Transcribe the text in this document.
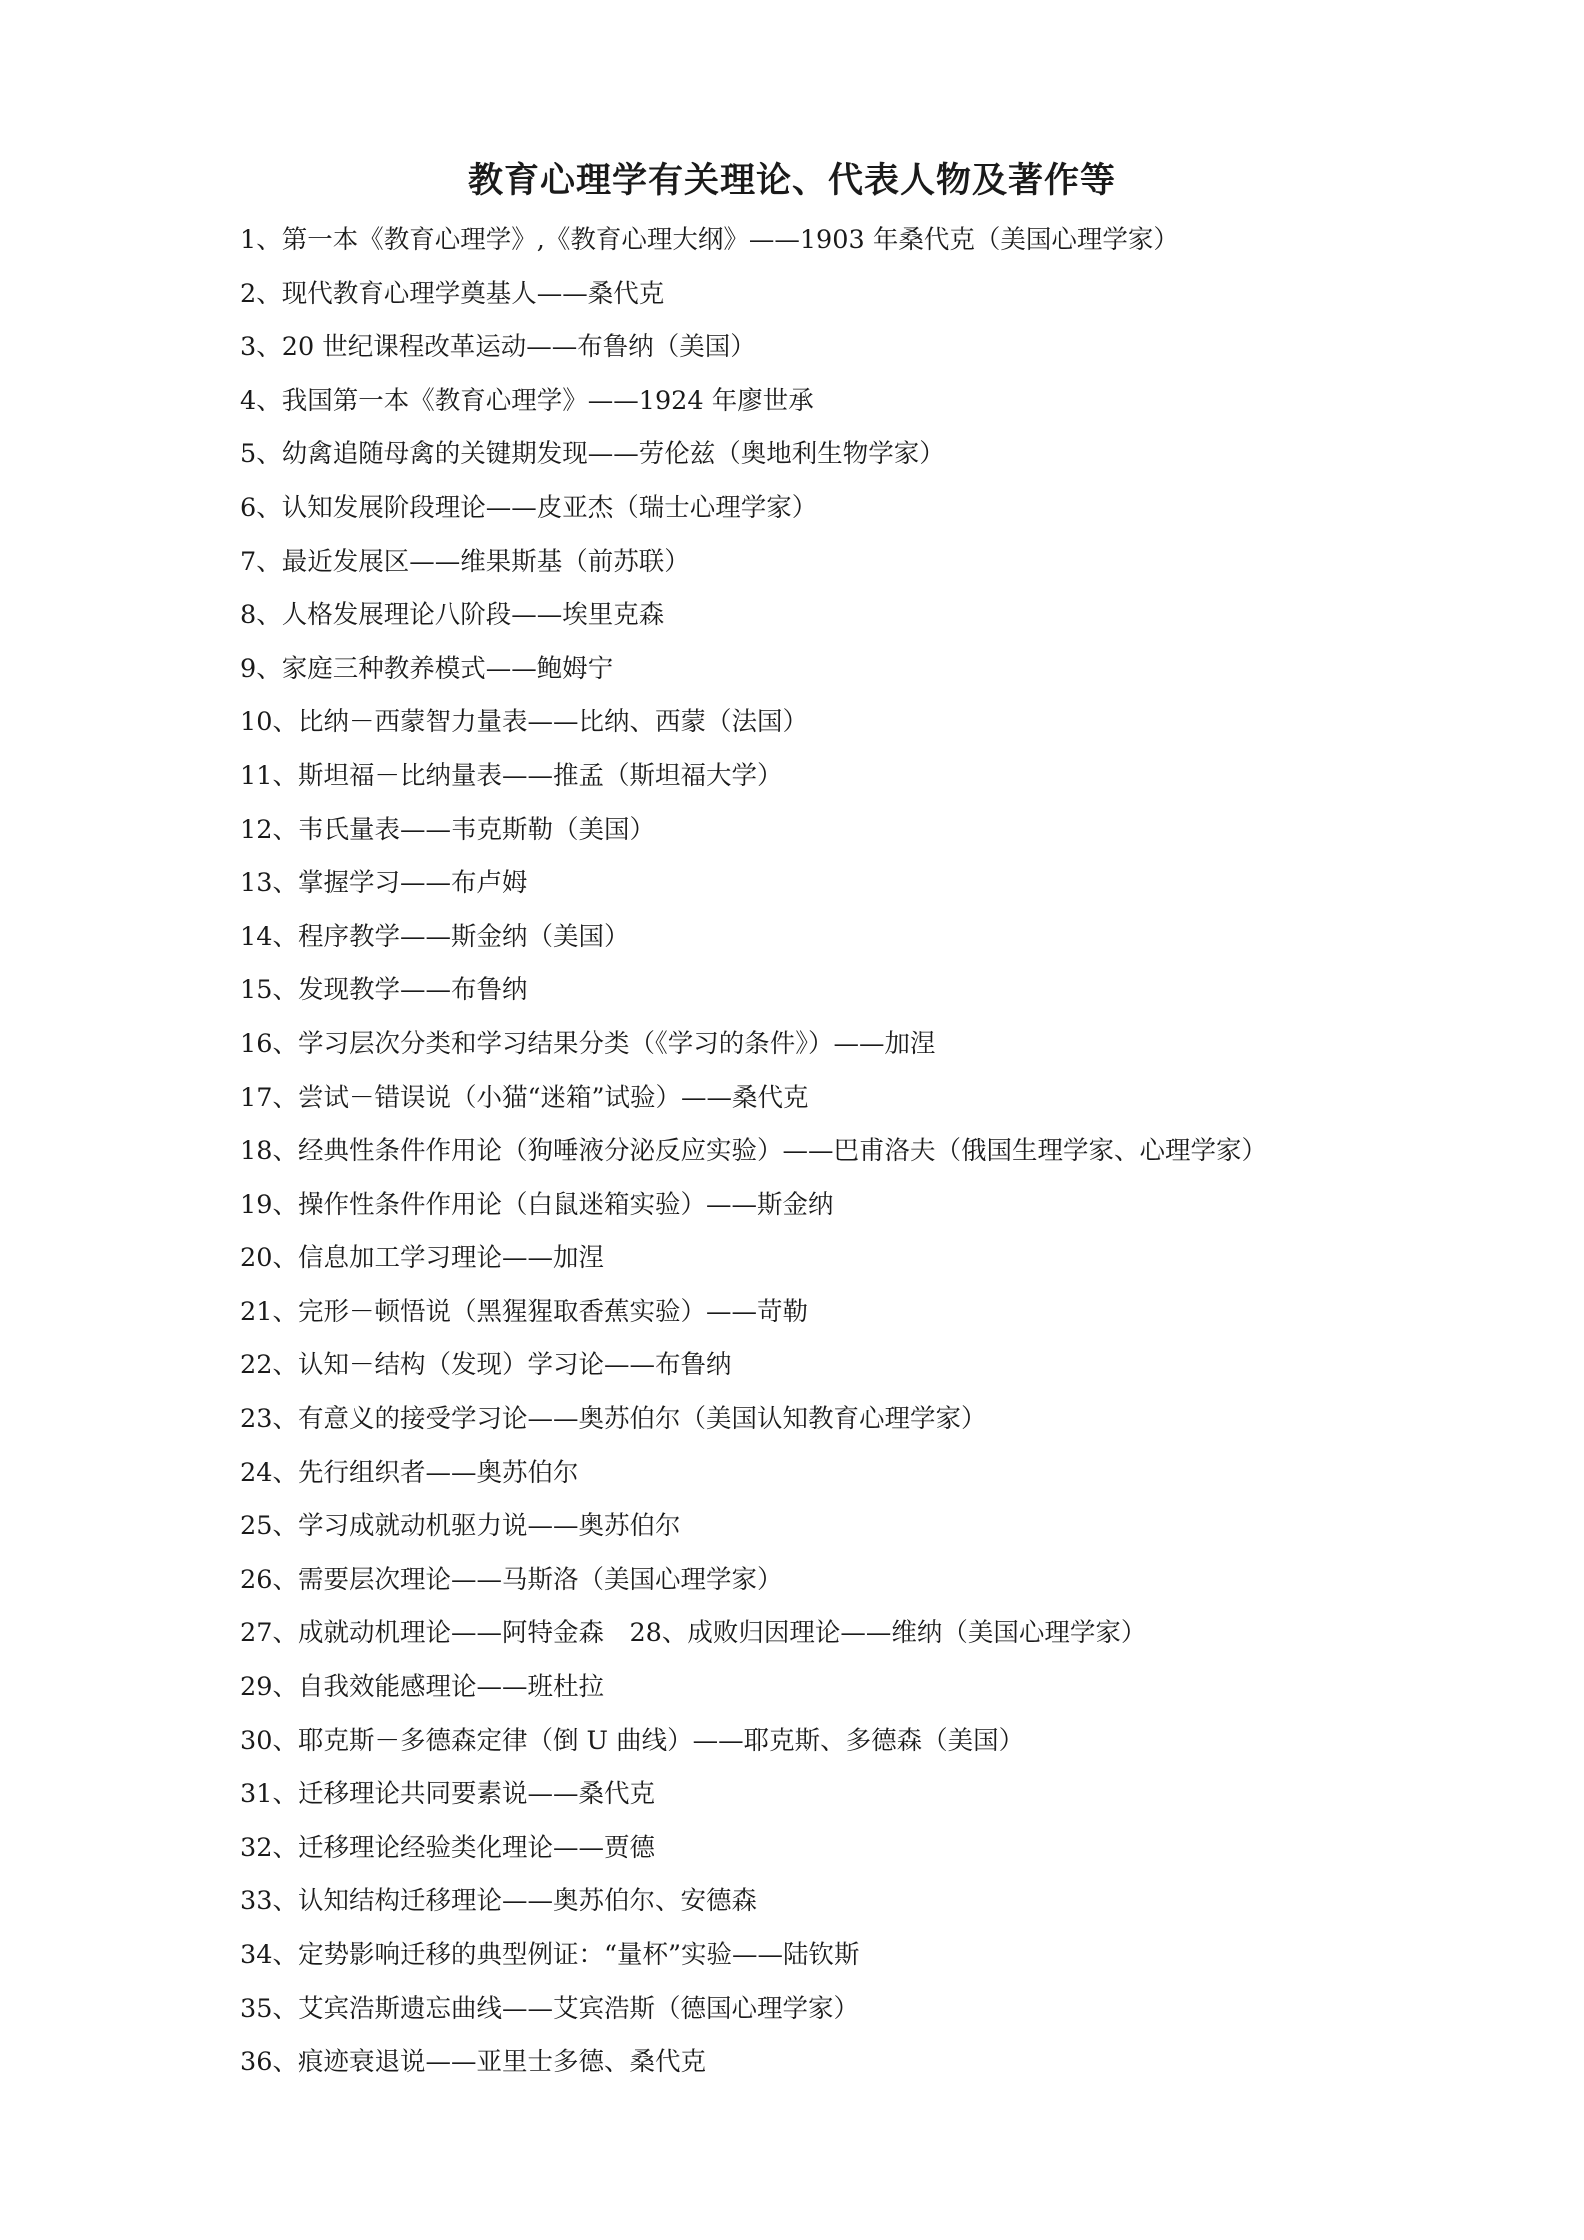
教育心理学有关理论、代表人物及著作等
1、第一本《教育心理学》,《教育心理大纲》——1903 年桑代克（美国心理学家）
2、现代教育心理学奠基人——桑代克
3、20 世纪课程改革运动——布鲁纳（美国）
4、我国第一本《教育心理学》——1924 年廖世承
5、幼禽追随母禽的关键期发现——劳伦兹（奥地利生物学家）
6、认知发展阶段理论——皮亚杰（瑞士心理学家）
7、最近发展区——维果斯基（前苏联）
8、人格发展理论八阶段——埃里克森
9、家庭三种教养模式——鲍姆宁
10、比纳－西蒙智力量表——比纳、西蒙（法国）
11、斯坦福－比纳量表——推孟（斯坦福大学）
12、韦氏量表——韦克斯勒（美国）
13、掌握学习——布卢姆
14、程序教学——斯金纳（美国）
15、发现教学——布鲁纳
16、学习层次分类和学习结果分类（《学习的条件》）——加涅
17、尝试－错误说（小猫“迷箱”试验）——桑代克
18、经典性条件作用论（狗唾液分泌反应实验）——巴甫洛夫（俄国生理学家、心理学家）
19、操作性条件作用论（白鼠迷箱实验）——斯金纳
20、信息加工学习理论——加涅
21、完形－顿悟说（黑猩猩取香蕉实验）——苛勒
22、认知－结构（发现）学习论——布鲁纳
23、有意义的接受学习论——奥苏伯尔（美国认知教育心理学家）
24、先行组织者——奥苏伯尔
25、学习成就动机驱力说——奥苏伯尔
26、需要层次理论——马斯洛（美国心理学家）
27、成就动机理论——阿特金森　28、成败归因理论——维纳（美国心理学家）
29、自我效能感理论——班杜拉
30、耶克斯－多德森定律（倒 U 曲线）——耶克斯、多德森（美国）
31、迁移理论共同要素说——桑代克
32、迁移理论经验类化理论——贾德
33、认知结构迁移理论——奥苏伯尔、安德森
34、定势影响迁移的典型例证：“量杯”实验——陆钦斯
35、艾宾浩斯遗忘曲线——艾宾浩斯（德国心理学家）
36、痕迹衰退说——亚里士多德、桑代克
